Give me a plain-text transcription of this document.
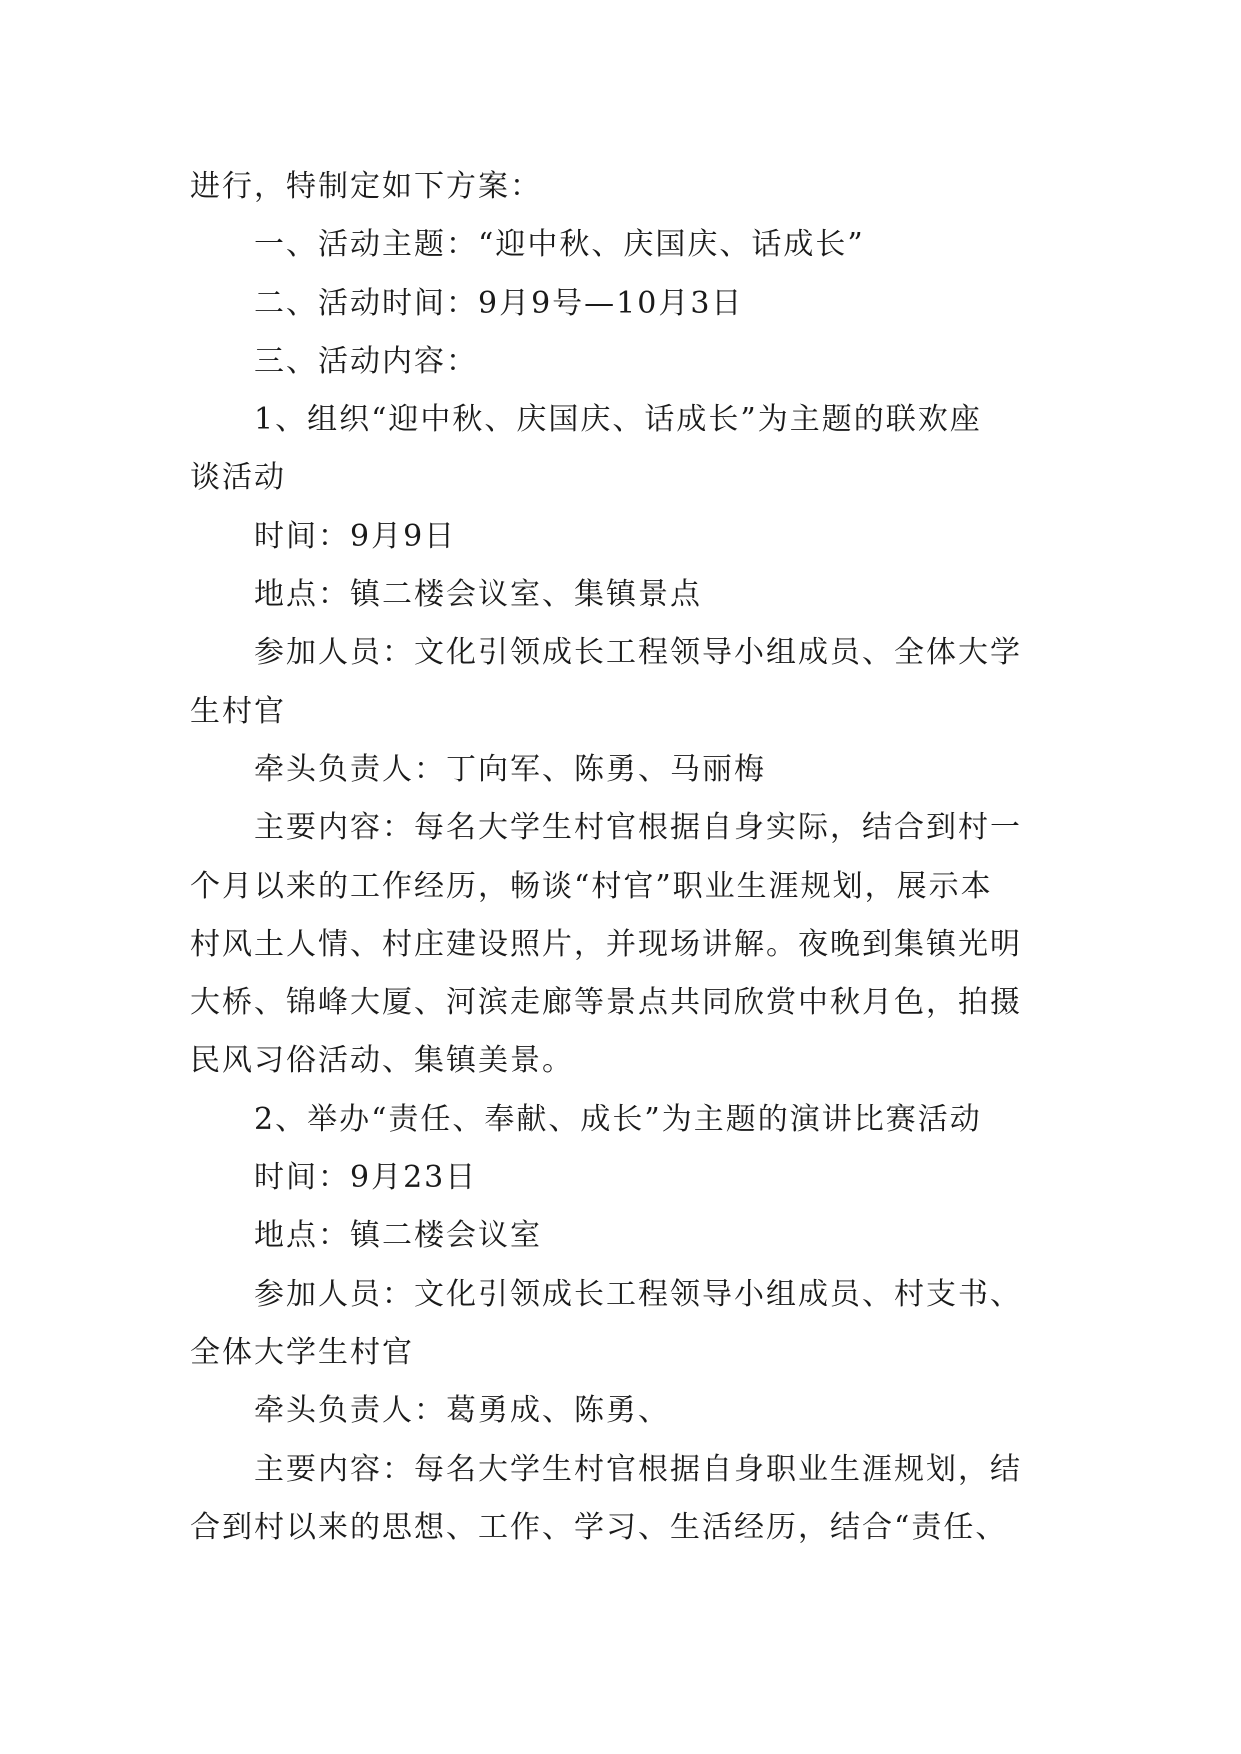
进行，特制定如下方案：
一、活动主题：“迎中秋、庆国庆、话成长”
二、活动时间：9月9号—10月3日
三、活动内容：
1、组织“迎中秋、庆国庆、话成长”为主题的联欢座
谈活动
时间：9月9日
地点：镇二楼会议室、集镇景点
参加人员：文化引领成长工程领导小组成员、全体大学
生村官
牵头负责人：丁向军、陈勇、马丽梅
主要内容：每名大学生村官根据自身实际，结合到村一
个月以来的工作经历，畅谈“村官”职业生涯规划，展示本
村风土人情、村庄建设照片，并现场讲解。夜晚到集镇光明
大桥、锦峰大厦、河滨走廊等景点共同欣赏中秋月色，拍摄
民风习俗活动、集镇美景。
2、举办“责任、奉献、成长”为主题的演讲比赛活动
时间：9月23日
地点：镇二楼会议室
参加人员：文化引领成长工程领导小组成员、村支书、
全体大学生村官
牵头负责人：葛勇成、陈勇、
主要内容：每名大学生村官根据自身职业生涯规划，结
合到村以来的思想、工作、学习、生活经历，结合“责任、
